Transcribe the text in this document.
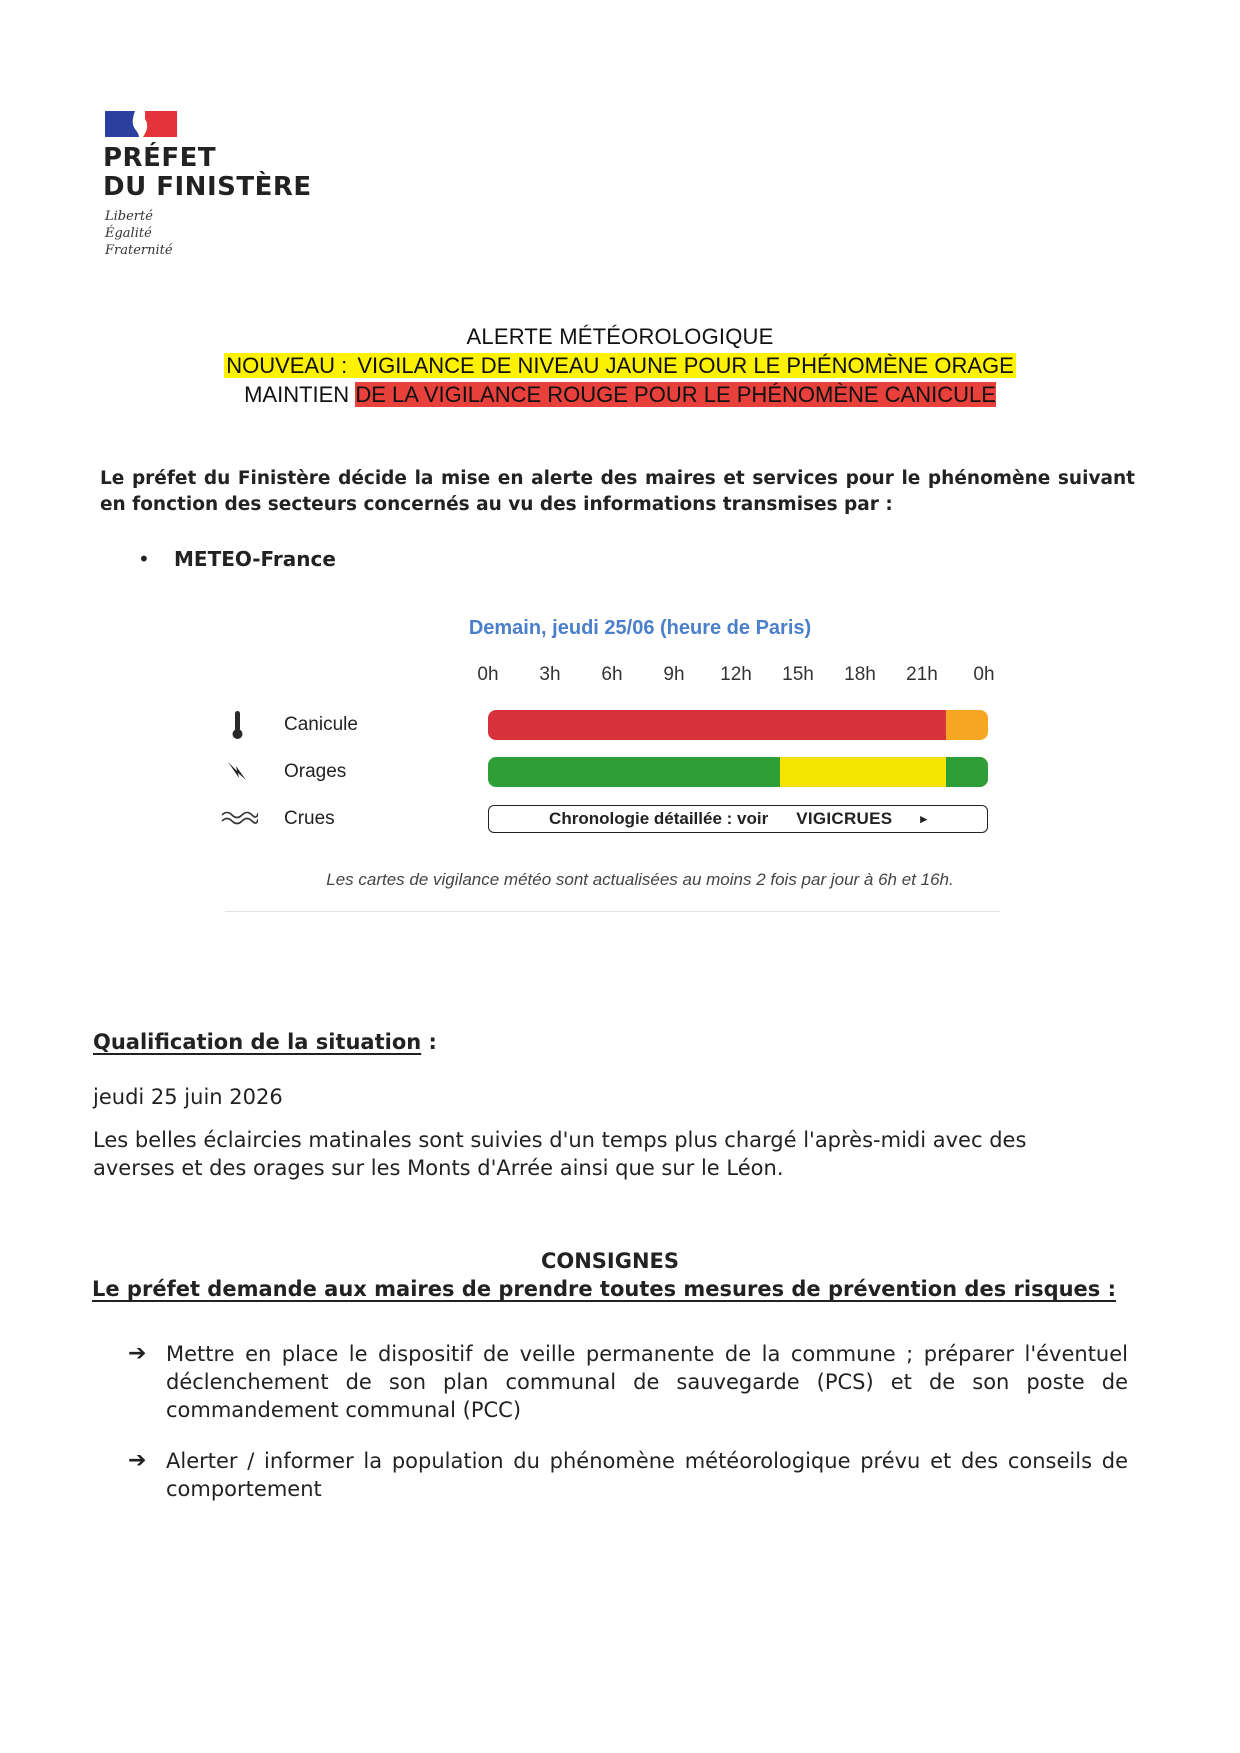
PRÉFET
DU FINISTÈRE
Liberté
Égalité
Fraternité
ALERTE MÉTÉOROLOGIQUE
NOUVEAU : VIGILANCE DE NIVEAU JAUNE POUR LE PHÉNOMÈNE ORAGE
MAINTIEN DE LA VIGILANCE ROUGE POUR LE PHÉNOMÈNE CANICULE
Le préfet du Finistère décide la mise en alerte des maires et services pour le phénomène suivant en fonction des secteurs concernés au vu des informations transmises par :
• METEO-France
Demain, jeudi 25/06 (heure de Paris)
0h	3h	6h	9h	12h	15h	18h	21h	0h
Canicule
Orages
Crues	Chronologie détaillée : voir VIGICRUES ▸
Les cartes de vigilance météo sont actualisées au moins 2 fois par jour à 6h et 16h.
Qualification de la situation :
jeudi 25 juin 2026
Les belles éclaircies matinales sont suivies d'un temps plus chargé l'après-midi avec des averses et des orages sur les Monts d'Arrée ainsi que sur le Léon.
CONSIGNES
Le préfet demande aux maires de prendre toutes mesures de prévention des risques :
➔ Mettre en place le dispositif de veille permanente de la commune ; préparer l'éventuel déclenchement de son plan communal de sauvegarde (PCS) et de son poste de commandement communal (PCC)
➔ Alerter / informer la population du phénomène météorologique prévu et des conseils de comportement
